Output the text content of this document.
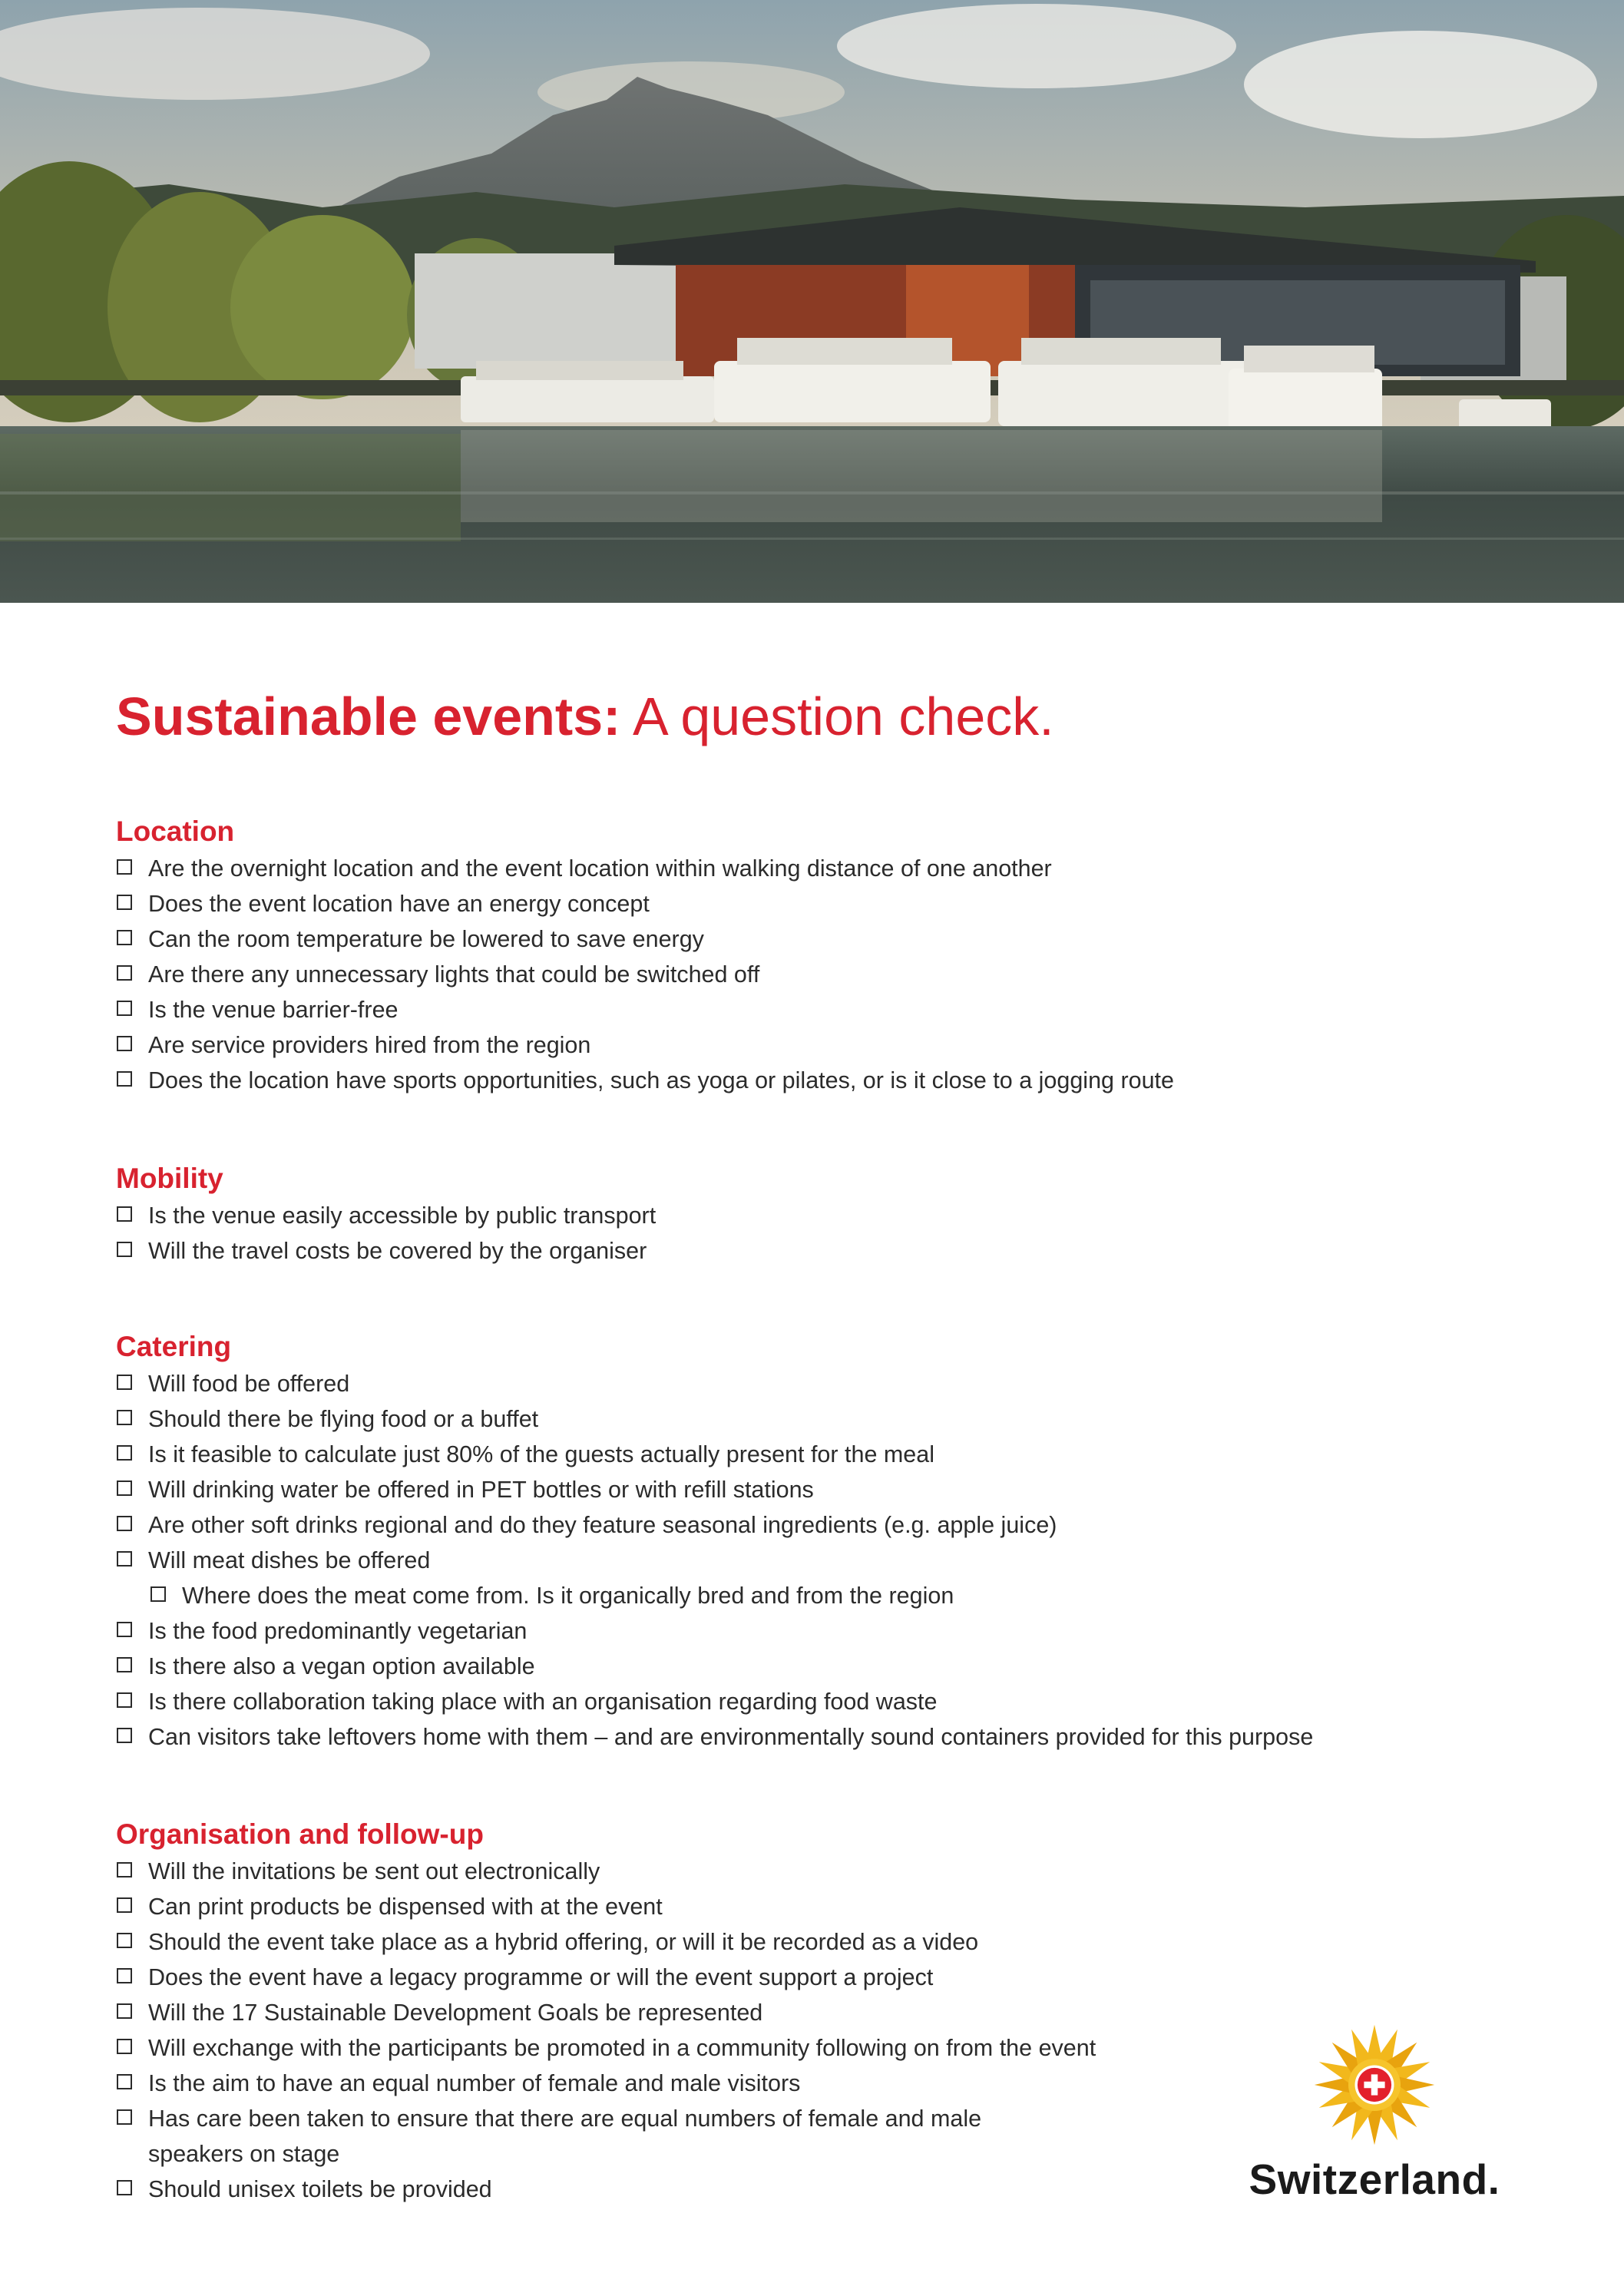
Sustainable events: A question check.
Location
Are the overnight location and the event location within walking distance of one another
Does the event location have an energy concept
Can the room temperature be lowered to save energy
Are there any unnecessary lights that could be switched off
Is the venue barrier-free
Are service providers hired from the region
Does the location have sports opportunities, such as yoga or pilates, or is it close to a jogging route
Mobility
Is the venue easily accessible by public transport
Will the travel costs be covered by the organiser
Catering
Will food be offered
Should there be flying food or a buffet
Is it feasible to calculate just 80% of the guests actually present for the meal
Will drinking water be offered in PET bottles or with refill stations
Are other soft drinks regional and do they feature seasonal ingredients (e.g. apple juice)
Will meat dishes be offered
Where does the meat come from. Is it organically bred and from the region
Is the food predominantly vegetarian
Is there also a vegan option available
Is there collaboration taking place with an organisation regarding food waste
Can visitors take leftovers home with them – and are environmentally sound containers provided for this purpose
Organisation and follow-up
Will the invitations be sent out electronically
Can print products be dispensed with at the event
Should the event take place as a hybrid offering, or will it be recorded as a video
Does the event have a legacy programme or will the event support a project
Will the 17 Sustainable Development Goals be represented
Will exchange with the participants be promoted in a community following on from the event
Is the aim to have an equal number of female and male visitors
Has care been taken to ensure that there are equal numbers of female and male speakers on stage
Should unisex toilets be provided	Switzerland.
